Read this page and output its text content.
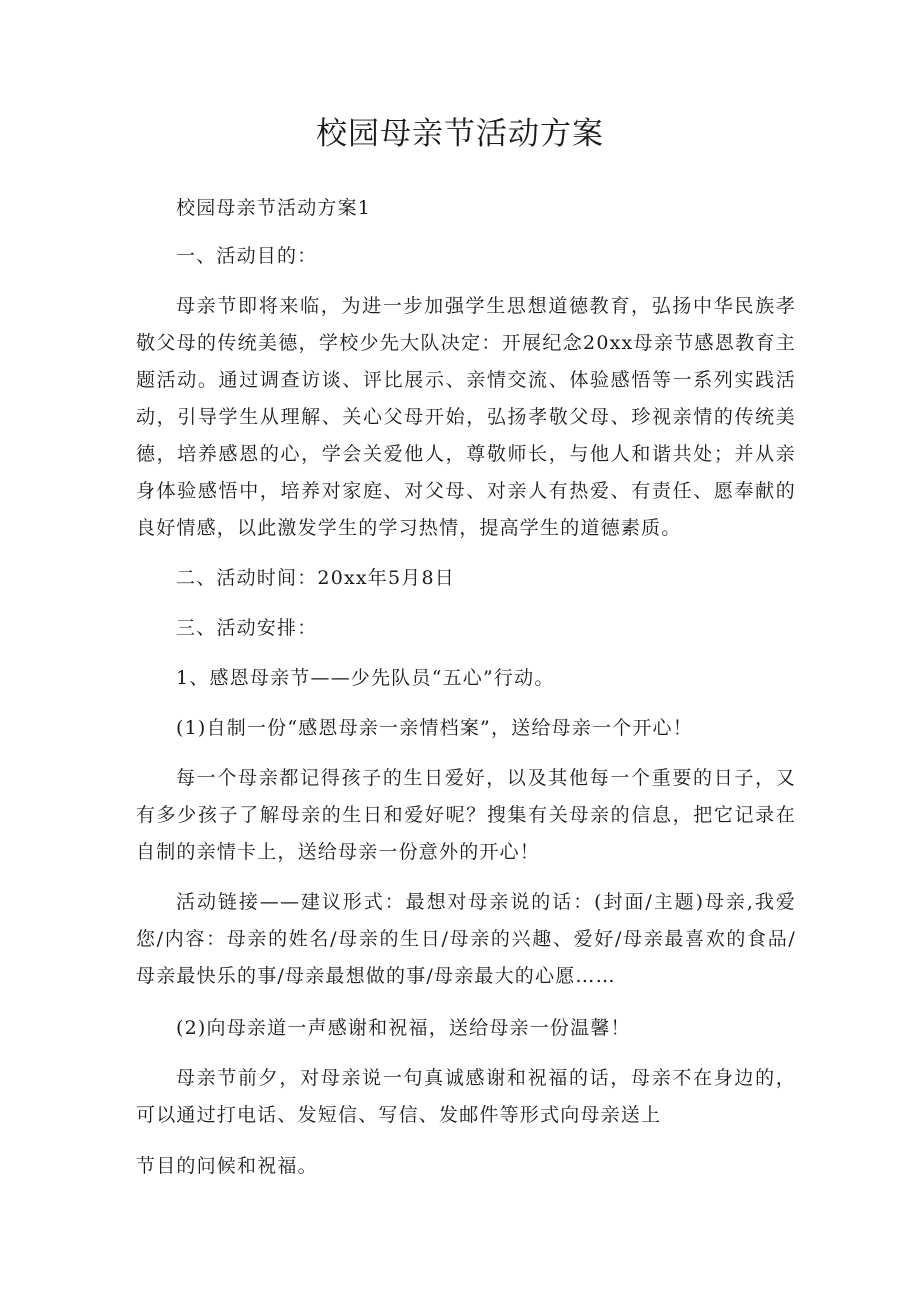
校园母亲节活动方案

校园母亲节活动方案1

一、活动目的：

母亲节即将来临，为进一步加强学生思想道德教育，弘扬中华民族孝敬父母的传统美德，学校少先大队决定：开展纪念20xx母亲节感恩教育主题活动。通过调查访谈、评比展示、亲情交流、体验感悟等一系列实践活动，引导学生从理解、关心父母开始，弘扬孝敬父母、珍视亲情的传统美德，培养感恩的心，学会关爱他人，尊敬师长，与他人和谐共处；并从亲身体验感悟中，培养对家庭、对父母、对亲人有热爱、有责任、愿奉献的良好情感，以此激发学生的学习热情，提高学生的道德素质。

二、活动时间：20xx年5月8日

三、活动安排：

1、感恩母亲节——少先队员“五心”行动。

(1)自制一份“感恩母亲一亲情档案”，送给母亲一个开心！

每一个母亲都记得孩子的生日爱好，以及其他每一个重要的日子，又有多少孩子了解母亲的生日和爱好呢？搜集有关母亲的信息，把它记录在自制的亲情卡上，送给母亲一份意外的开心！

活动链接——建议形式：最想对母亲说的话：(封面/主题)母亲,我爱您/内容：母亲的姓名/母亲的生日/母亲的兴趣、爱好/母亲最喜欢的食品/母亲最快乐的事/母亲最想做的事/母亲最大的心愿……

(2)向母亲道一声感谢和祝福，送给母亲一份温馨！

母亲节前夕，对母亲说一句真诚感谢和祝福的话，母亲不在身边的，可以通过打电话、发短信、写信、发邮件等形式向母亲送上

节目的问候和祝福。
